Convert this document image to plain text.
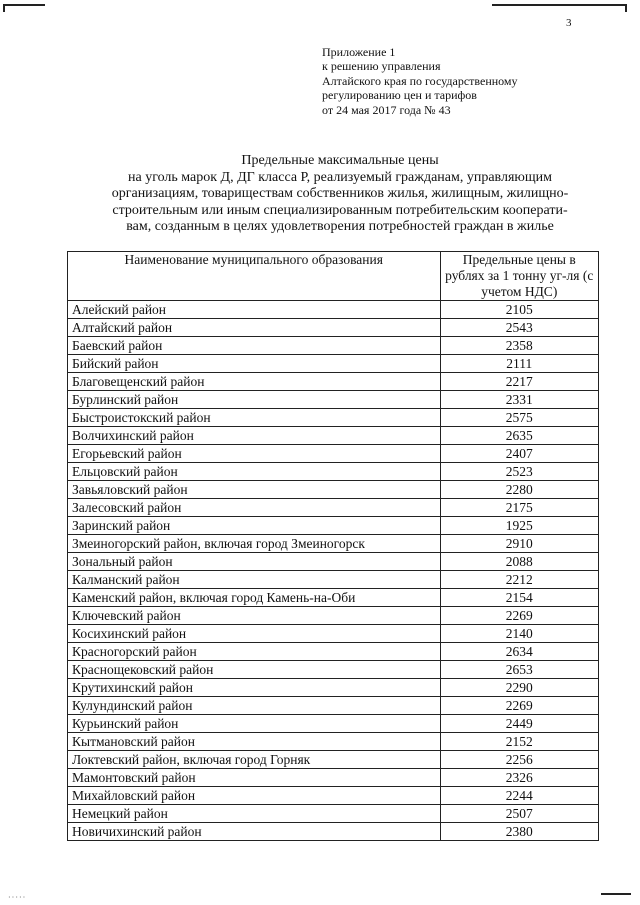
3
Приложение 1
к решению управления
Алтайского края по государственному
регулированию цен и тарифов
от 24 мая 2017 года № 43
Предельные максимальные цены
на уголь марок Д, ДГ класса Р, реализуемый гражданам, управляющим
организациям, товариществам собственников жилья, жилищным, жилищно-
строительным или иным специализированным потребительским кооперати-
вам, созданным в целях удовлетворения потребностей граждан в жилье
Наименование муниципального образования	Предельные цены в рублях за 1 тонну уг-ля (с учетом НДС)
Алейский район	2105
Алтайский район	2543
Баевский район	2358
Бийский район	2111
Благовещенский район	2217
Бурлинский район	2331
Быстроистокский район	2575
Волчихинский район	2635
Егорьевский район	2407
Ельцовский район	2523
Завьяловский район	2280
Залесовский район	2175
Заринский район	1925
Змеиногорский район, включая город Змеиногорск	2910
Зональный район	2088
Калманский район	2212
Каменский район, включая город Камень-на-Оби	2154
Ключевский район	2269
Косихинский район	2140
Красногорский район	2634
Краснощековский район	2653
Крутихинский район	2290
Кулундинский район	2269
Курьинский район	2449
Кытмановский район	2152
Локтевский район, включая город Горняк	2256
Мамонтовский район	2326
Михайловский район	2244
Немецкий район	2507
Новичихинский район	2380
·····
